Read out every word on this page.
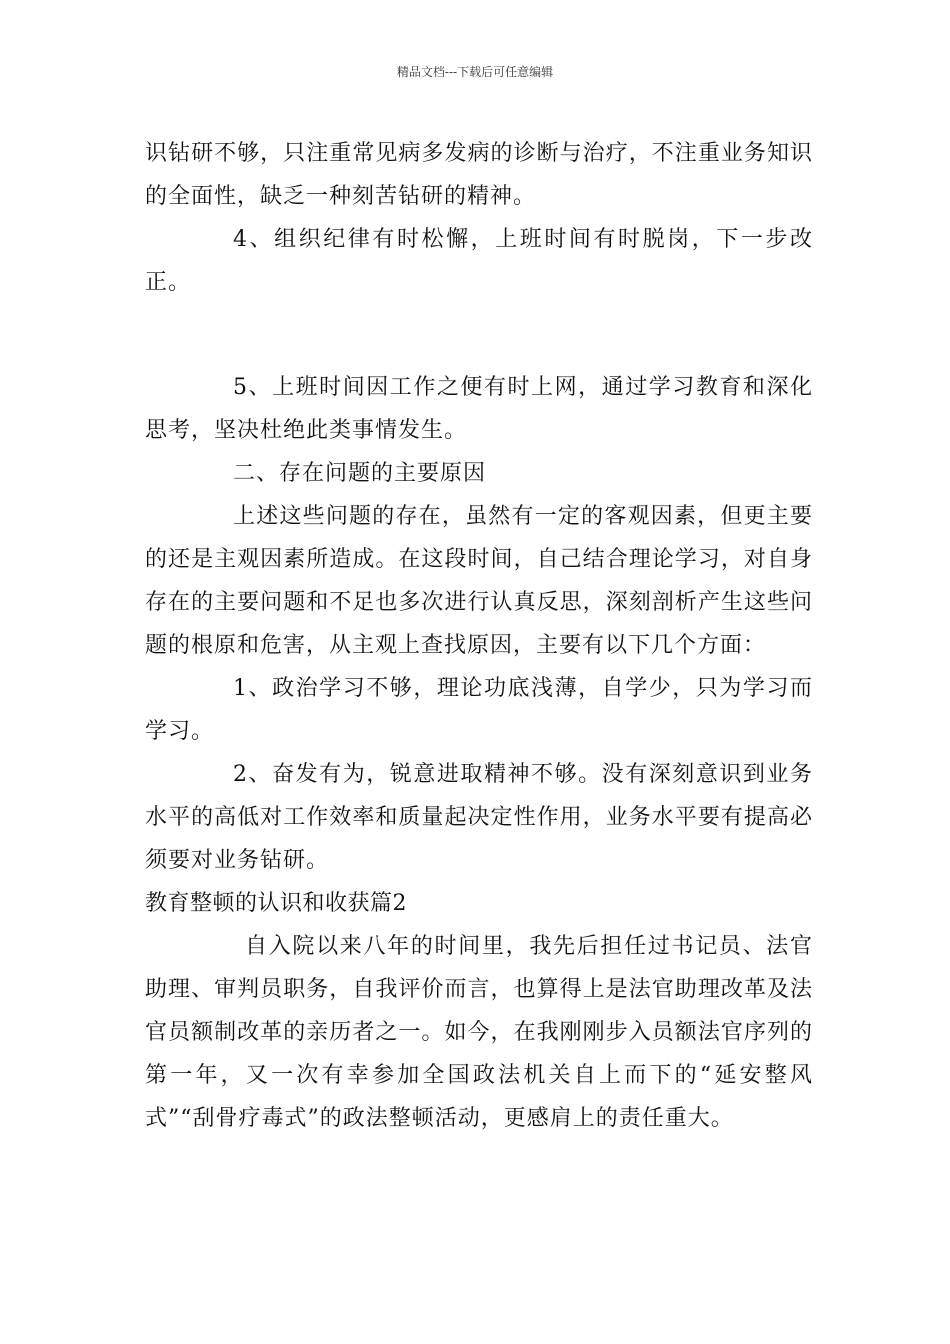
精品文档---下载后可任意编辑

识钻研不够，只注重常见病多发病的诊断与治疗，不注重业务知识的全面性，缺乏一种刻苦钻研的精神。

4、组织纪律有时松懈，上班时间有时脱岗，下一步改正。

5、上班时间因工作之便有时上网，通过学习教育和深化思考，坚决杜绝此类事情发生。

二、存在问题的主要原因

上述这些问题的存在，虽然有一定的客观因素，但更主要的还是主观因素所造成。在这段时间，自己结合理论学习，对自身存在的主要问题和不足也多次进行认真反思，深刻剖析产生这些问题的根原和危害，从主观上查找原因，主要有以下几个方面：

1、政治学习不够，理论功底浅薄，自学少，只为学习而学习。

2、奋发有为，锐意进取精神不够。没有深刻意识到业务水平的高低对工作效率和质量起决定性作用，业务水平要有提高必须要对业务钻研。

教育整顿的认识和收获篇2

自入院以来八年的时间里，我先后担任过书记员、法官助理、审判员职务，自我评价而言，也算得上是法官助理改革及法官员额制改革的亲历者之一。如今，在我刚刚步入员额法官序列的第一年，又一次有幸参加全国政法机关自上而下的“延安整风式”“刮骨疗毒式”的政法整顿活动，更感肩上的责任重大。
